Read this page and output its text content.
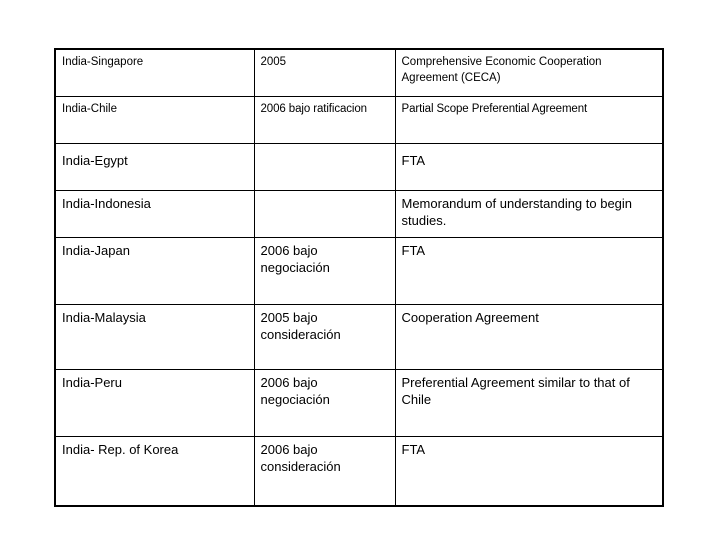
India-Singapore	2005	Comprehensive Economic Cooperation Agreement (CECA)
India-Chile	2006 bajo ratificacion	Partial Scope Preferential Agreement
India-Egypt		FTA
India-Indonesia		Memorandum of understanding to begin studies.
India-Japan	2006 bajo negociación	FTA
India-Malaysia	2005 bajo consideración	Cooperation Agreement
India-Peru	2006 bajo negociación	Preferential Agreement similar to that of Chile
India- Rep. of Korea	2006 bajo consideración	FTA
